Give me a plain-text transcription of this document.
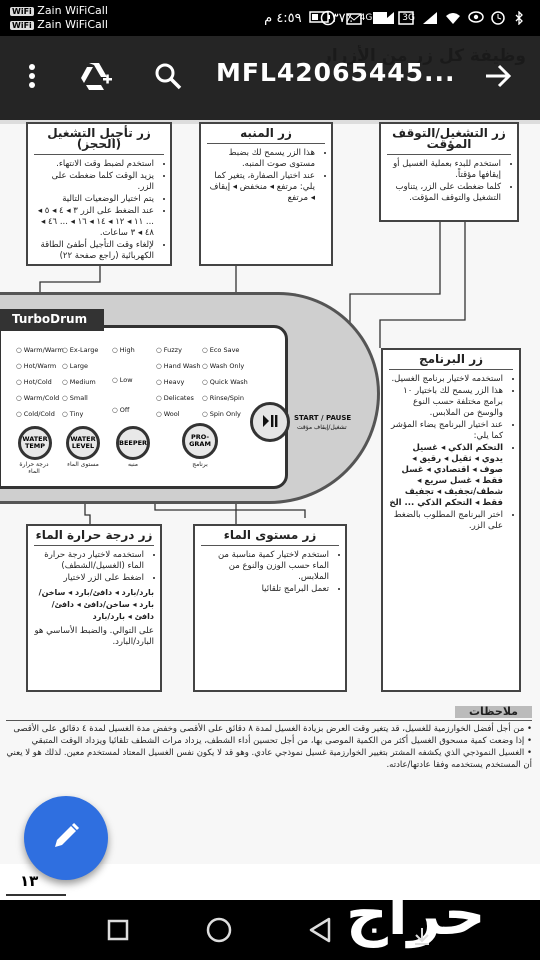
٤:٥٩ م ٣٧٪ 4G	3G
WiFi Zain WiFiCall
WiFi Zain WiFiCall
زر تأجيل التشغيل (الحجز)
• استخدم لضبط وقت الانتهاء.
• يزيد الوقت كلما ضغطت على الزر.
• يتم اختيار الوضعيات التالية
• عند الضغط على الزر ٣ ◂ ٤ ◂ ٥ ◂ ... ١١ ◂ ١٢ ◂ ١٤ ◂ ١٦ ◂ ... ٤٦ ◂ ٤٨ ◂ ٣ ساعات.
• لإلغاء وقت التأجيل أطفئ الطاقة الكهربائية (راجع صفحة ٢٢)
زر المنبه
• هذا الزر يسمح لك بضبط مستوى صوت المنبه.
• عند اختيار الصفارة، يتغير كما يلي: مرتفع ◂ منخفض ◂ إيقاف ◂ مرتفع
زر التشغيل/التوقف المؤقت
• استخدم للبدء بعملية الغسيل أو إيقافها مؤقتاً.
• كلما ضغطت على الزر، يتناوب التشغيل والتوقف المؤقت.
TurboDrum
○ Warm/Warm
○ Hot/Warm
○ Hot/Cold
○ Warm/Cold
○ Cold/Cold
○ Ex-Large
○ Large
○ Medium
○ Small
○ Tiny
○ High
○ Low
○ Off
○ Fuzzy
○ Hand Wash
○ Heavy
○ Delicates
○ Wool
○ Eco Save
○ Wash Only
○ Quick Wash
○ Rinse/Spin
○ Spin Only
WATER TEMP
WATER LEVEL	BEEPER
PRO- GRAM
درجة حرارة الماء
مستوى الماء	منبه	برنامج
START / PAUSE
تشغيل/إيقاف مؤقت
زر البرنامج
• استخدمه لاختيار برنامج الغسيل.
• هذا الزر يسمح لك باختيار ١٠ برامج مختلفة حسب النوع والوسخ من الملابس.
• عند اختيار البرنامج يضاء المؤشر كما يلي:
• التحكم الذكي ◂ غسيل يدوي ◂ ثقيل ◂ رقيق ◂ صوف ◂ اقتصادي ◂ غسل فقط ◂ غسل سريع ◂ شطف/تجفيف ◂ تجفيف فقط ◂ التحكم الذكي ... الخ
• اختر البرنامج المطلوب بالضغط على الزر.
زر مستوى الماء
• استخدم لاختيار كمية مناسبة من الماء حسب الوزن والنوع من الملابس.
• تعمل البرامج تلقائيا
زر درجة حرارة الماء
• استخدمه لاختيار درجة حرارة الماء (الغسيل/الشطف)
• اضغط على الزر لاختيار
بارد/بارد ◂ دافئ/بارد ◂ ساخن/بارد ◂ ساخن/دافئ ◂ دافئ/دافئ ◂ بارد/بارد
على التوالي. والضبط الأساسي هو البارد/البارد.
ملاحظات
• من أجل أفضل الخوارزمية للغسيل، قد يتغير وقت العرض بزيادة الغسيل لمدة ٨ دقائق على الأقصى وخفض مدة الغسيل لمدة ٤ دقائق على الأقصى
• إذا وضعت كمية مسحوق الغسيل أكثر من الكمية الموصى بها، من أجل تحسين أداء الشطف، يزداد مرات الشطف تلقائيا ويزداد الوقت المتبقي
• الغسيل النموذجي الذي يكشفه المشتر بتغيير الخوارزمية غسيل نموذجي عادي. وهو قد لا يكون نفس الغسيل المعتاد لمستخدم معين. لذلك هو لا يعني أن المستخدم يستخدمه وفقا عادتها/عادته.
وظيفة كل زر من الأزرار
MFL42065445...
١٣	حراج
